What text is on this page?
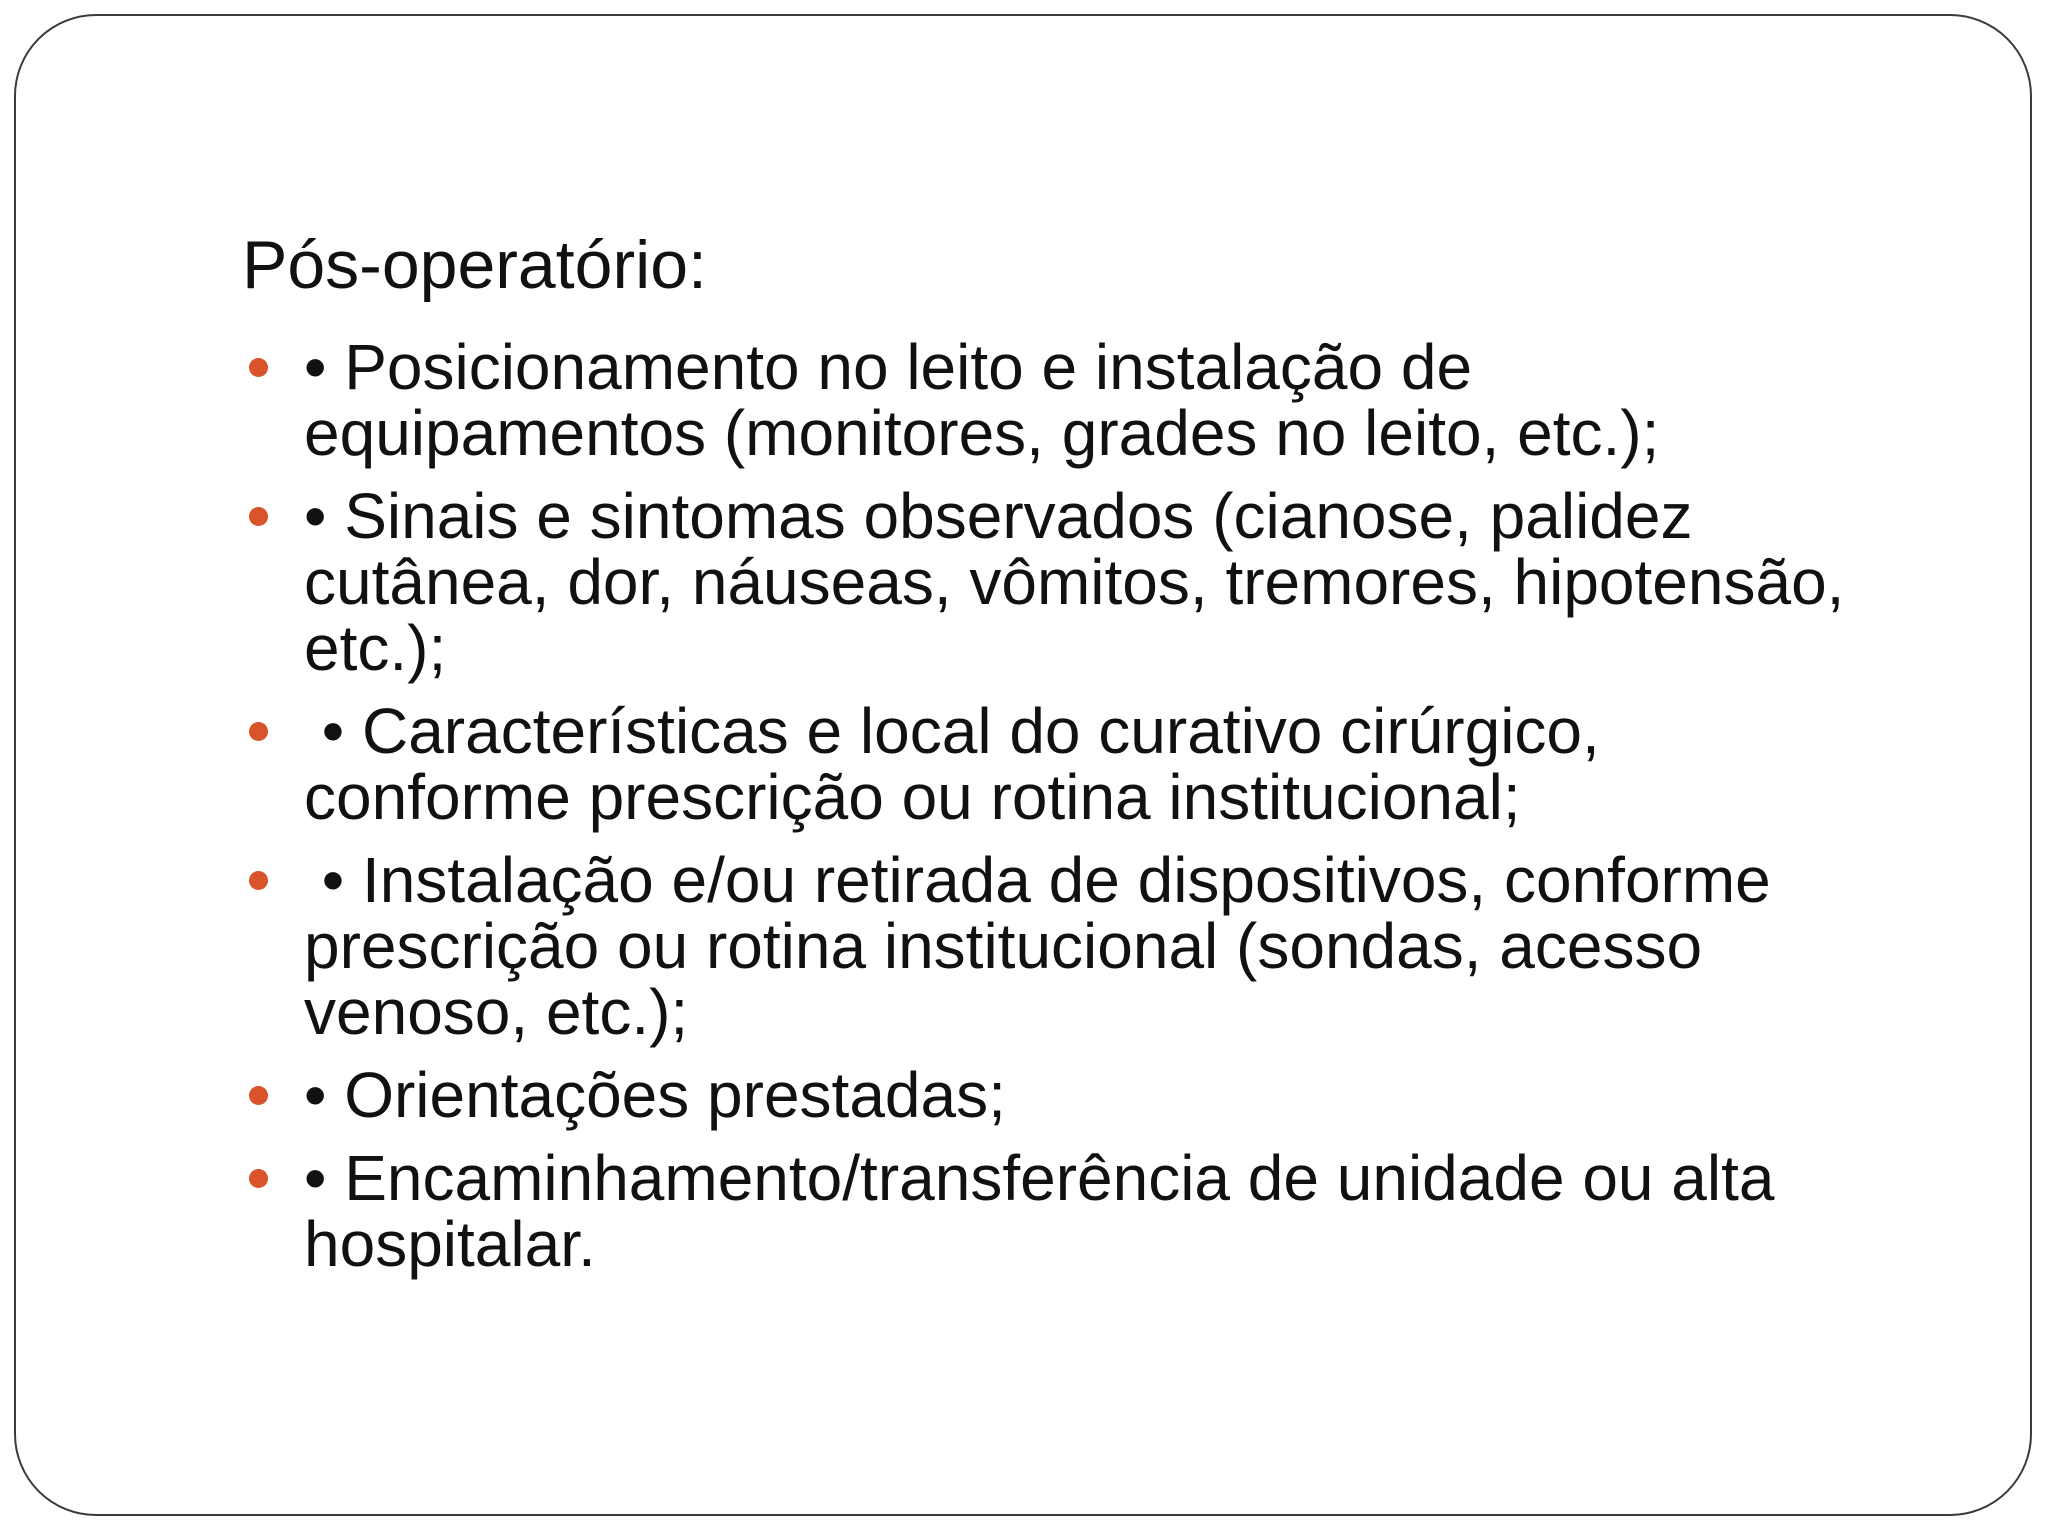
Pós-operatório:
• Posicionamento no leito e instalação de equipamentos (monitores, grades no leito, etc.);
• Sinais e sintomas observados (cianose, palidez cutânea, dor, náuseas, vômitos, tremores, hipotensão, etc.);
• Características e local do curativo cirúrgico, conforme prescrição ou rotina institucional;
• Instalação e/ou retirada de dispositivos, conforme prescrição ou rotina institucional (sondas, acesso venoso, etc.);
• Orientações prestadas;
• Encaminhamento/transferência de unidade ou alta hospitalar.
